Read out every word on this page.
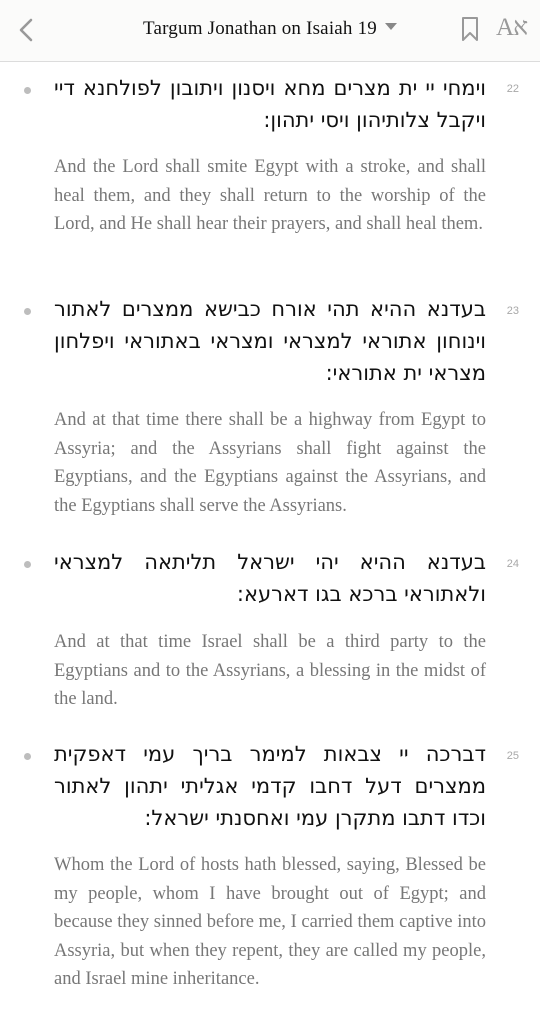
Targum Jonathan on Isaiah 19	Aא
22
וימחי יי ית מצרים מחא ויסנון ויתובון לפולחנא דיי ויקבל צלותיהון ויסי יתהון:
And the Lord shall smite Egypt with a stroke, and shall heal them, and they shall return to the worship of the Lord, and He shall hear their prayers, and shall heal them.
23
בעדנא ההיא תהי אורח כבישא ממצרים לאתור וינוחון אתוראי למצראי ומצראי באתוראי ויפלחון מצראי ית אתוראי:
And at that time there shall be a highway from Egypt to Assyria; and the Assyrians shall fight against the Egyptians, and the Egyptians against the Assyrians, and the Egyptians shall serve the Assyrians.
24
בעדנא ההיא יהי ישראל תליתאה למצראי ולאתוראי ברכא בגו דארעא:
And at that time Israel shall be a third party to the Egyptians and to the Assyrians, a blessing in the midst of the land.
25
דברכה יי צבאות למימר בריך עמי דאפקית ממצרים דעל דחבו קדמי אגליתי יתהון לאתור וכדו דתבו מתקרן עמי ואחסנתי ישראל:
Whom the Lord of hosts hath blessed, saying, Blessed be my people, whom I have brought out of Egypt; and because they sinned before me, I carried them captive into Assyria, but when they repent, they are called my people, and Israel mine inheritance.
